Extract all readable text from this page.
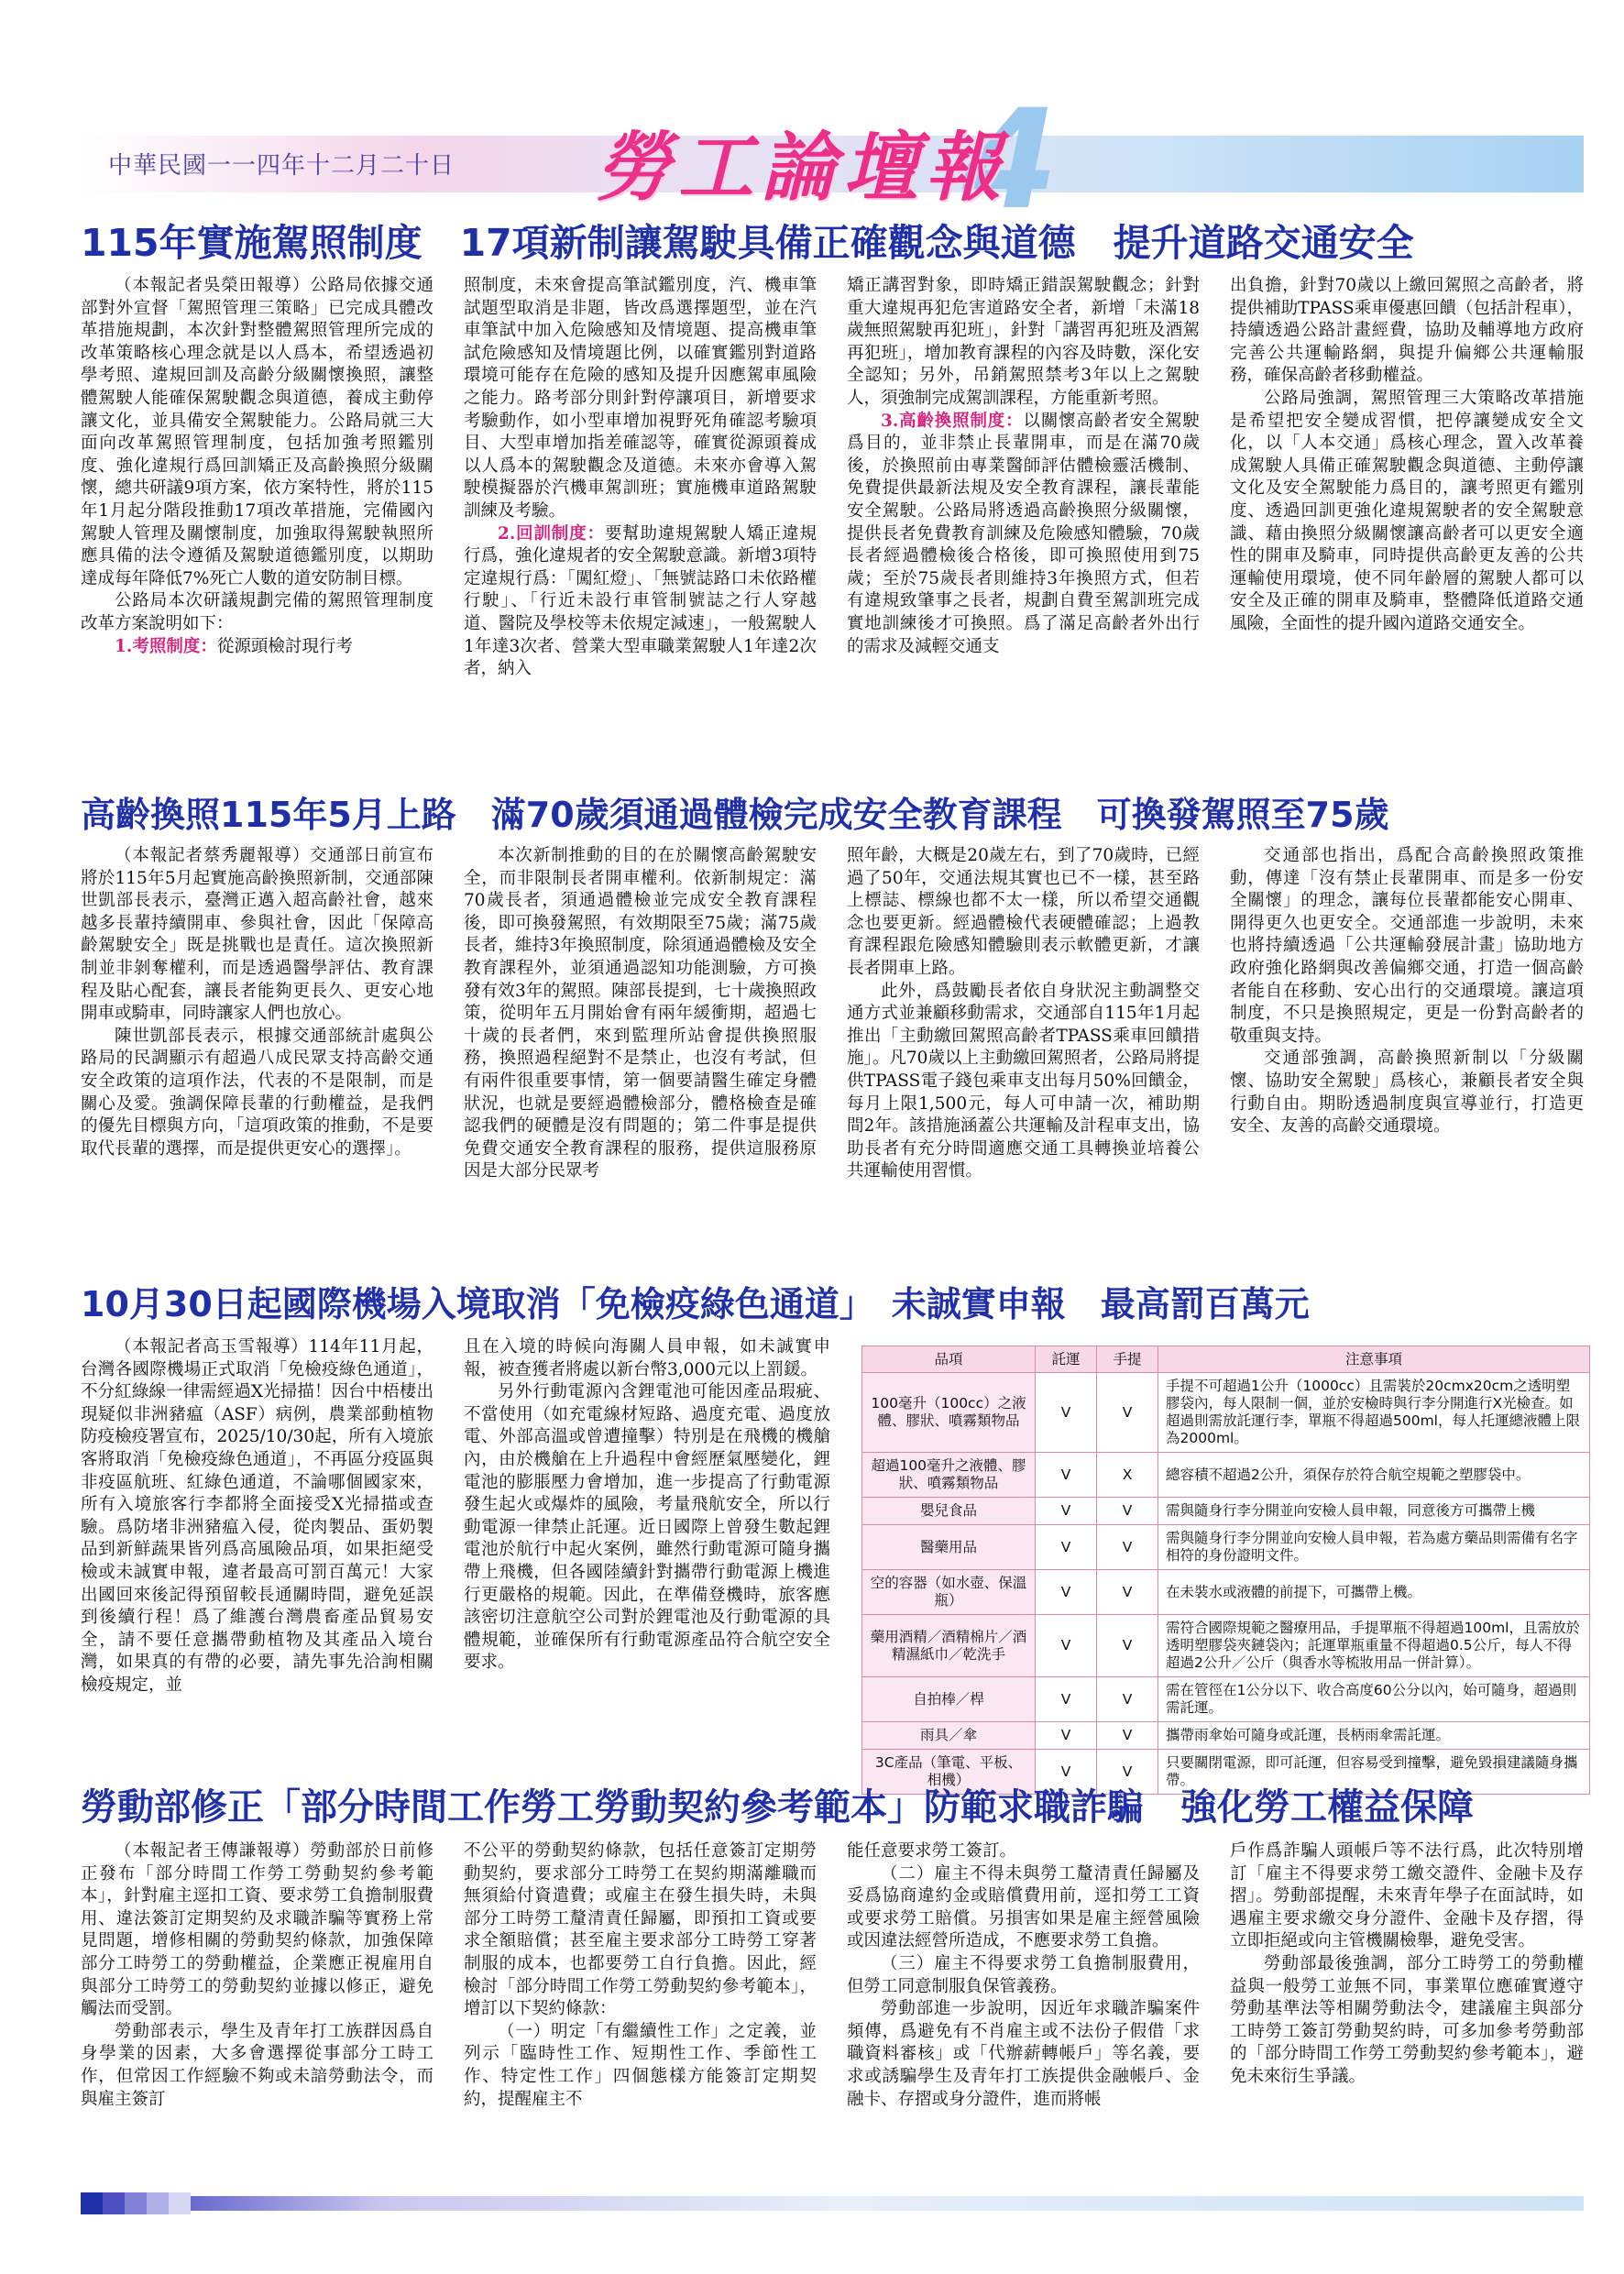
中華民國一一四年十二月二十日	4
勞工論壇報
115年實施駕照制度　17項新制讓駕駛具備正確觀念與道德　提升道路交通安全

（本報記者吳榮田報導）公路局依據交通部對外宣督「駕照管理三策略」已完成具體改革措施規劃，本次針對整體駕照管理所完成的改革策略核心理念就是以人爲本，希望透過初學考照、違規回訓及高齡分級關懷換照，讓整體駕駛人能確保駕駛觀念與道德，養成主動停讓文化，並具備安全駕駛能力。公路局就三大面向改革駕照管理制度，包括加強考照鑑別度、強化違規行爲回訓矯正及高齡換照分級關懷，總共研議9項方案，依方案特性，將於115年1月起分階段推動17項改革措施，完備國內駕駛人管理及關懷制度，加強取得駕駛執照所應具備的法令遵循及駕駛道德鑑別度，以期助達成每年降低7%死亡人數的道安防制目標。

公路局本次研議規劃完備的駕照管理制度改革方案說明如下：

1.考照制度：從源頭檢討現行考

照制度，未來會提高筆試鑑別度，汽、機車筆試題型取消是非題，皆改爲選擇題型，並在汽車筆試中加入危險感知及情境題、提高機車筆試危險感知及情境題比例，以確實鑑別對道路環境可能存在危險的感知及提升因應駕車風險之能力。路考部分則針對停讓項目，新增要求考驗動作，如小型車增加視野死角確認考驗項目、大型車增加指差確認等，確實從源頭養成以人爲本的駕駛觀念及道德。未來亦會導入駕駛模擬器於汽機車駕訓班；實施機車道路駕駛訓練及考驗。

2.回訓制度：要幫助違規駕駛人矯正違規行爲，強化違規者的安全駕駛意識。新增3項特定違規行爲：「闖紅燈」、「無號誌路口未依路權行駛」、「行近未設行車管制號誌之行人穿越道、醫院及學校等未依規定減速」，一般駕駛人1年達3次者、營業大型車職業駕駛人1年達2次者，納入

矯正講習對象，即時矯正錯誤駕駛觀念；針對重大違規再犯危害道路安全者，新增「未滿18歲無照駕駛再犯班」，針對「講習再犯班及酒駕再犯班」，增加教育課程的內容及時數，深化安全認知；另外，吊銷駕照禁考3年以上之駕駛人，須強制完成駕訓課程，方能重新考照。

3.高齡換照制度：以關懷高齡者安全駕駛爲目的，並非禁止長輩開車，而是在滿70歲後，於換照前由專業醫師評估體檢靈活機制、免費提供最新法規及安全教育課程，讓長輩能安全駕駛。公路局將透過高齡換照分級關懷，提供長者免費教育訓練及危險感知體驗，70歲長者經過體檢後合格後，即可換照使用到75歲；至於75歲長者則維持3年換照方式，但若有違規致肇事之長者，規劃自費至駕訓班完成實地訓練後才可換照。爲了滿足高齡者外出行的需求及減輕交通支

出負擔，針對70歲以上繳回駕照之高齡者，將提供補助TPASS乘車優惠回饋（包括計程車），持續透過公路計畫經費，協助及輔導地方政府完善公共運輸路網，與提升偏鄉公共運輸服務，確保高齡者移動權益。

公路局強調，駕照管理三大策略改革措施是希望把安全變成習慣，把停讓變成安全文化，以「人本交通」爲核心理念，置入改革養成駕駛人具備正確駕駛觀念與道德、主動停讓文化及安全駕駛能力爲目的，讓考照更有鑑別度、透過回訓更強化違規駕駛者的安全駕駛意識、藉由換照分級關懷讓高齡者可以更安全適性的開車及騎車，同時提供高齡更友善的公共運輸使用環境，使不同年齡層的駕駛人都可以安全及正確的開車及騎車，整體降低道路交通風險，全面性的提升國內道路交通安全。

高齡換照115年5月上路　滿70歲須通過體檢完成安全教育課程　可換發駕照至75歲

（本報記者蔡秀麗報導）交通部日前宣布將於115年5月起實施高齡換照新制，交通部陳世凱部長表示，臺灣正邁入超高齡社會，越來越多長輩持續開車、參與社會，因此「保障高齡駕駛安全」既是挑戰也是責任。這次換照新制並非剝奪權利，而是透過醫學評估、教育課程及貼心配套，讓長者能夠更長久、更安心地開車或騎車，同時讓家人們也放心。

陳世凱部長表示，根據交通部統計處與公路局的民調顯示有超過八成民眾支持高齡交通安全政策的這項作法，代表的不是限制，而是關心及愛。強調保障長輩的行動權益，是我們的優先目標與方向，「這項政策的推動，不是要取代長輩的選擇，而是提供更安心的選擇」。

本次新制推動的目的在於關懷高齡駕駛安全，而非限制長者開車權利。依新制規定：滿70歲長者，須通過體檢並完成安全教育課程後，即可換發駕照，有效期限至75歲；滿75歲長者，維持3年換照制度，除須通過體檢及安全教育課程外，並須通過認知功能測驗，方可換發有效3年的駕照。陳部長提到，七十歲換照政策，從明年五月開始會有兩年緩衝期，超過七十歲的長者們，來到監理所站會提供換照服務，換照過程絕對不是禁止，也沒有考試，但有兩件很重要事情，第一個要請醫生確定身體狀況，也就是要經過體檢部分，體格檢查是確認我們的硬體是沒有問題的；第二件事是提供免費交通安全教育課程的服務，提供這服務原因是大部分民眾考

照年齡，大概是20歲左右，到了70歲時，已經過了50年，交通法規其實也已不一樣，甚至路上標誌、標線也都不太一樣，所以希望交通觀念也要更新。經過體檢代表硬體確認；上過教育課程跟危險感知體驗則表示軟體更新，才讓長者開車上路。

此外，爲鼓勵長者依自身狀況主動調整交通方式並兼顧移動需求，交通部自115年1月起推出「主動繳回駕照高齡者TPASS乘車回饋措施」。凡70歲以上主動繳回駕照者，公路局將提供TPASS電子錢包乘車支出每月50%回饋金，每月上限1,500元，每人可申請一次，補助期間2年。該措施涵蓋公共運輸及計程車支出，協助長者有充分時間適應交通工具轉換並培養公共運輸使用習慣。

交通部也指出，爲配合高齡換照政策推動，傳達「沒有禁止長輩開車、而是多一份安全關懷」的理念，讓每位長輩都能安心開車、開得更久也更安全。交通部進一步說明，未來也將持續透過「公共運輸發展計畫」協助地方政府強化路網與改善偏鄉交通，打造一個高齡者能自在移動、安心出行的交通環境。讓這項制度，不只是換照規定，更是一份對高齡者的敬重與支持。

交通部強調，高齡換照新制以「分級關懷、協助安全駕駛」爲核心，兼顧長者安全與行動自由。期盼透過制度與宣導並行，打造更安全、友善的高齡交通環境。

10月30日起國際機場入境取消「免檢疫綠色通道」　未誠實申報　最高罰百萬元

（本報記者高玉雪報導）114年11月起，台灣各國際機場正式取消「免檢疫綠色通道」，不分紅綠線一律需經過X光掃描！因台中梧棲出現疑似非洲豬瘟（ASF）病例，農業部動植物防疫檢疫署宣布，2025/10/30起，所有入境旅客將取消「免檢疫綠色通道」，不再區分疫區與非疫區航班、紅綠色通道，不論哪個國家來，所有入境旅客行李都將全面接受X光掃描或查驗。爲防堵非洲豬瘟入侵，從肉製品、蛋奶製品到新鮮蔬果皆列爲高風險品項，如果拒絕受檢或未誠實申報，違者最高可罰百萬元！大家出國回來後記得預留較長通關時間，避免延誤到後續行程！爲了維護台灣農畜產品貿易安全，請不要任意攜帶動植物及其產品入境台灣，如果真的有帶的必要，請先事先洽詢相關檢疫規定，並

且在入境的時候向海關人員申報，如未誠實申報，被查獲者將處以新台幣3,000元以上罰鍰。

另外行動電源內含鋰電池可能因產品瑕疵、不當使用（如充電線材短路、過度充電、過度放電、外部高溫或曾遭撞擊）特別是在飛機的機艙內，由於機艙在上升過程中會經歷氣壓變化，鋰電池的膨脹壓力會增加，進一步提高了行動電源發生起火或爆炸的風險，考量飛航安全，所以行動電源一律禁止託運。近日國際上曾發生數起鋰電池於航行中起火案例，雖然行動電源可隨身攜帶上飛機，但各國陸續針對攜帶行動電源上機進行更嚴格的規範。因此，在準備登機時，旅客應該密切注意航空公司對於鋰電池及行動電源的具體規範，並確保所有行動電源產品符合航空安全要求。

品項	託運	手提	注意事項
100毫升（100cc）之液體、膠狀、噴霧類物品	V	V	手提不可超過1公升（1000cc）且需裝於20cmx20cm之透明塑膠袋內，每人限制一個，並於安檢時與行李分開進行X光檢查。如超過則需放託運行李，單瓶不得超過500ml，每人托運總液體上限為2000ml。
超過100毫升之液體、膠狀、噴霧類物品	V	X	總容積不超過2公升，須保存於符合航空規範之塑膠袋中。
嬰兒食品	V	V	需與隨身行李分開並向安檢人員申報，同意後方可攜帶上機
醫藥用品	V	V	需與隨身行李分開並向安檢人員申報，若為處方藥品則需備有名字相符的身份證明文件。
空的容器（如水壺、保溫瓶）	V	V	在未裝水或液體的前提下，可攜帶上機。
藥用酒精／酒精棉片／酒精濕紙巾／乾洗手	V	V	需符合國際規範之醫療用品，手提單瓶不得超過100ml，且需放於透明塑膠袋夾鏈袋內；託運單瓶重量不得超過0.5公斤，每人不得超過2公升／公斤（與香水等梳妝用品一併計算）。
自拍棒／桿	V	V	需在管徑在1公分以下、收合高度60公分以內，始可隨身，超過則需託運。
雨具／傘	V	V	攜帶雨傘始可隨身或託運，長柄雨傘需託運。
3C產品（筆電、平板、相機）	V	V	只要關閉電源，即可託運，但容易受到撞擊，避免毀損建議隨身攜帶。
勞動部修正「部分時間工作勞工勞動契約參考範本」防範求職詐騙　強化勞工權益保障

（本報記者王傳謙報導）勞動部於日前修正發布「部分時間工作勞工勞動契約參考範本」，針對雇主逕扣工資、要求勞工負擔制服費用、違法簽訂定期契約及求職詐騙等實務上常見問題，增修相關的勞動契約條款，加強保障部分工時勞工的勞動權益，企業應正視雇用自與部分工時勞工的勞動契約並據以修正，避免觸法而受罰。

勞動部表示，學生及青年打工族群因爲自身學業的因素，大多會選擇從事部分工時工作，但常因工作經驗不夠或未諳勞動法令，而與雇主簽訂

不公平的勞動契約條款，包括任意簽訂定期勞動契約，要求部分工時勞工在契約期滿離職而無須給付資遣費；或雇主在發生損失時，未與部分工時勞工釐清責任歸屬，即預扣工資或要求全額賠償；甚至雇主要求部分工時勞工穿著制服的成本，也都要勞工自行負擔。因此，經檢討「部分時間工作勞工勞動契約參考範本」，增訂以下契約條款：

（一）明定「有繼續性工作」之定義，並列示「臨時性工作、短期性工作、季節性工作、特定性工作」四個態樣方能簽訂定期契約，提醒雇主不

能任意要求勞工簽訂。

（二）雇主不得未與勞工釐清責任歸屬及妥爲協商違約金或賠償費用前，逕扣勞工工資或要求勞工賠償。另損害如果是雇主經營風險或因違法經營所造成，不應要求勞工負擔。

（三）雇主不得要求勞工負擔制服費用，但勞工同意制服負保管義務。

勞動部進一步說明，因近年求職詐騙案件頻傳，爲避免有不肖雇主或不法份子假借「求職資料審核」或「代辦薪轉帳戶」等名義，要求或誘騙學生及青年打工族提供金融帳戶、金融卡、存摺或身分證件，進而將帳

戶作爲詐騙人頭帳戶等不法行爲，此次特別增訂「雇主不得要求勞工繳交證件、金融卡及存摺」。勞動部提醒，未來青年學子在面試時，如遇雇主要求繳交身分證件、金融卡及存摺，得立即拒絕或向主管機關檢舉，避免受害。

勞動部最後強調，部分工時勞工的勞動權益與一般勞工並無不同，事業單位應確實遵守勞動基準法等相關勞動法令，建議雇主與部分工時勞工簽訂勞動契約時，可多加參考勞動部的「部分時間工作勞工勞動契約參考範本」，避免未來衍生爭議。
